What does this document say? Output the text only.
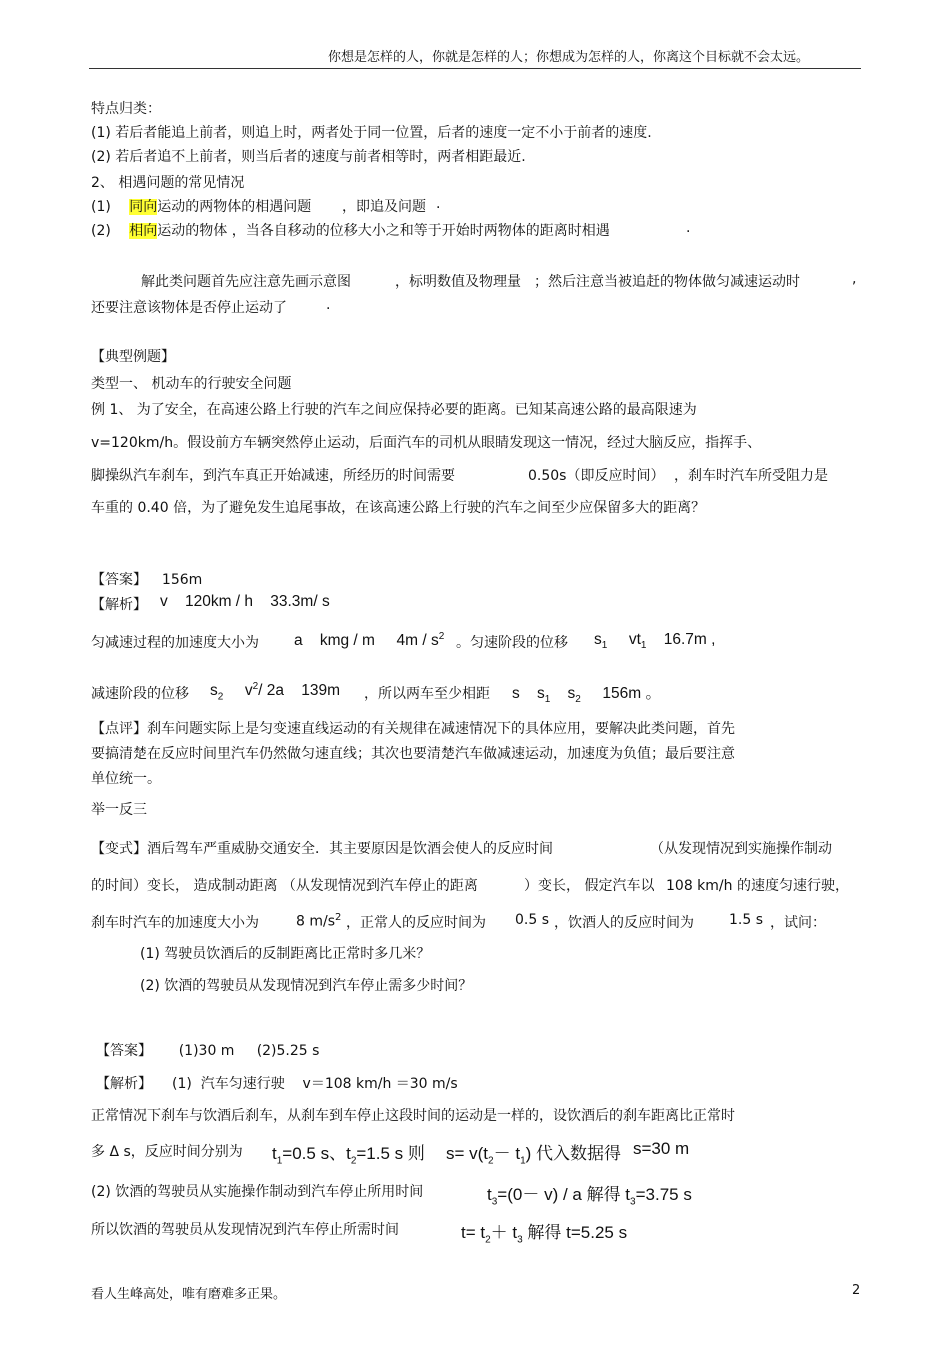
你想是怎样的人，你就是怎样的人；你想成为怎样的人，你离这个目标就不会太远。
特点归类：
(1) 若后者能追上前者，则追上时，两者处于同一位置，后者的速度一定不小于前者的速度.
(2) 若后者追不上前者，则当后者的速度与前者相等时，两者相距最近.
2、 相遇问题的常见情况
(1) 同向运动的两物体的相遇问题 ，即追及问题 .
(2) 相向运动的物体 ，当各自移动的位移大小之和等于开始时两物体的距离时相遇	.
解此类问题首先应注意先画示意图	，标明数值及物理量 ；然后注意当被追赶的物体做匀减速运动时	,
还要注意该物体是否停止运动了	.
【典型例题】
类型一、 机动车的行驶安全问题
例 1、 为了安全，在高速公路上行驶的汽车之间应保持必要的距离。已知某高速公路的最高限速为
v=120km/h。假设前方车辆突然停止运动，后面汽车的司机从眼睛发现这一情况，经过大脑反应，指挥手、
脚操纵汽车刹车，到汽车真正开始减速，所经历的时间需要	0.50s（即反应时间） ，刹车时汽车所受阻力是
车重的 0.40 倍，为了避免发生追尾事故，在该高速公路上行驶的汽车之间至少应保留多大的距离？
【答案】 156m
【解析】 v    120km / h    33.3m/ s
匀减速过程的加速度大小为 a    kmg / m     $4m / s^2$ 。匀速阶段的位移 $s_1$ $vt_1$ 16.7m ,
减速阶段的位移 $s_2$ $v^2/$ 2a    139m ，所以两车至少相距 s    $s_1$ $s_2$ 156m 。
【点评】刹车问题实际上是匀变速直线运动的有关规律在减速情况下的具体应用，要解决此类问题，首先
要搞清楚在反应时间里汽车仍然做匀速直线；其次也要清楚汽车做减速运动，加速度为负值；最后要注意
单位统一。
举一反三
【变式】酒后驾车严重威胁交通安全．其主要原因是饮酒会使人的反应时间	（从发现情况到实施操作制动
的时间）变长， 造成制动距离 （从发现情况到汽车停止的距离	）变长， 假定汽车以 108 km/h 的速度匀速行驶，
刹车时汽车的加速度大小为	8 $m/s^2$ ，正常人的反应时间为 0.5 s ，饮酒人的反应时间为	1.5 s ，试问：
(1) 驾驶员饮酒后的反制距离比正常时多几米？
(2) 饮酒的驾驶员从发现情况到汽车停止需多少时间？
【答案】 (1)30 m     (2)5.25 s
【解析】 (1)  汽车匀速行驶    v＝108 km/h ＝30 m/s
正常情况下刹车与饮酒后刹车，从刹车到车停止这段时间的运动是一样的，设饮酒后的刹车距离比正常时
多 Δ s，反应时间分别为 $t_1=0.5$ s、$t_2=1.5$ s 则 $s= v(t_2- t_1)$ 代入数据得 s=30 m
(2) 饮酒的驾驶员从实施操作制动到汽车停止所用时间	$t_3=(0- v) / a$ 解得 $t_3=3.75$ s
所以饮酒的驾驶员从发现情况到汽车停止所需时间	$t= t_2+ t_3$ 解得 t=5.25 s
看人生峰高处，唯有磨难多正果。	2
